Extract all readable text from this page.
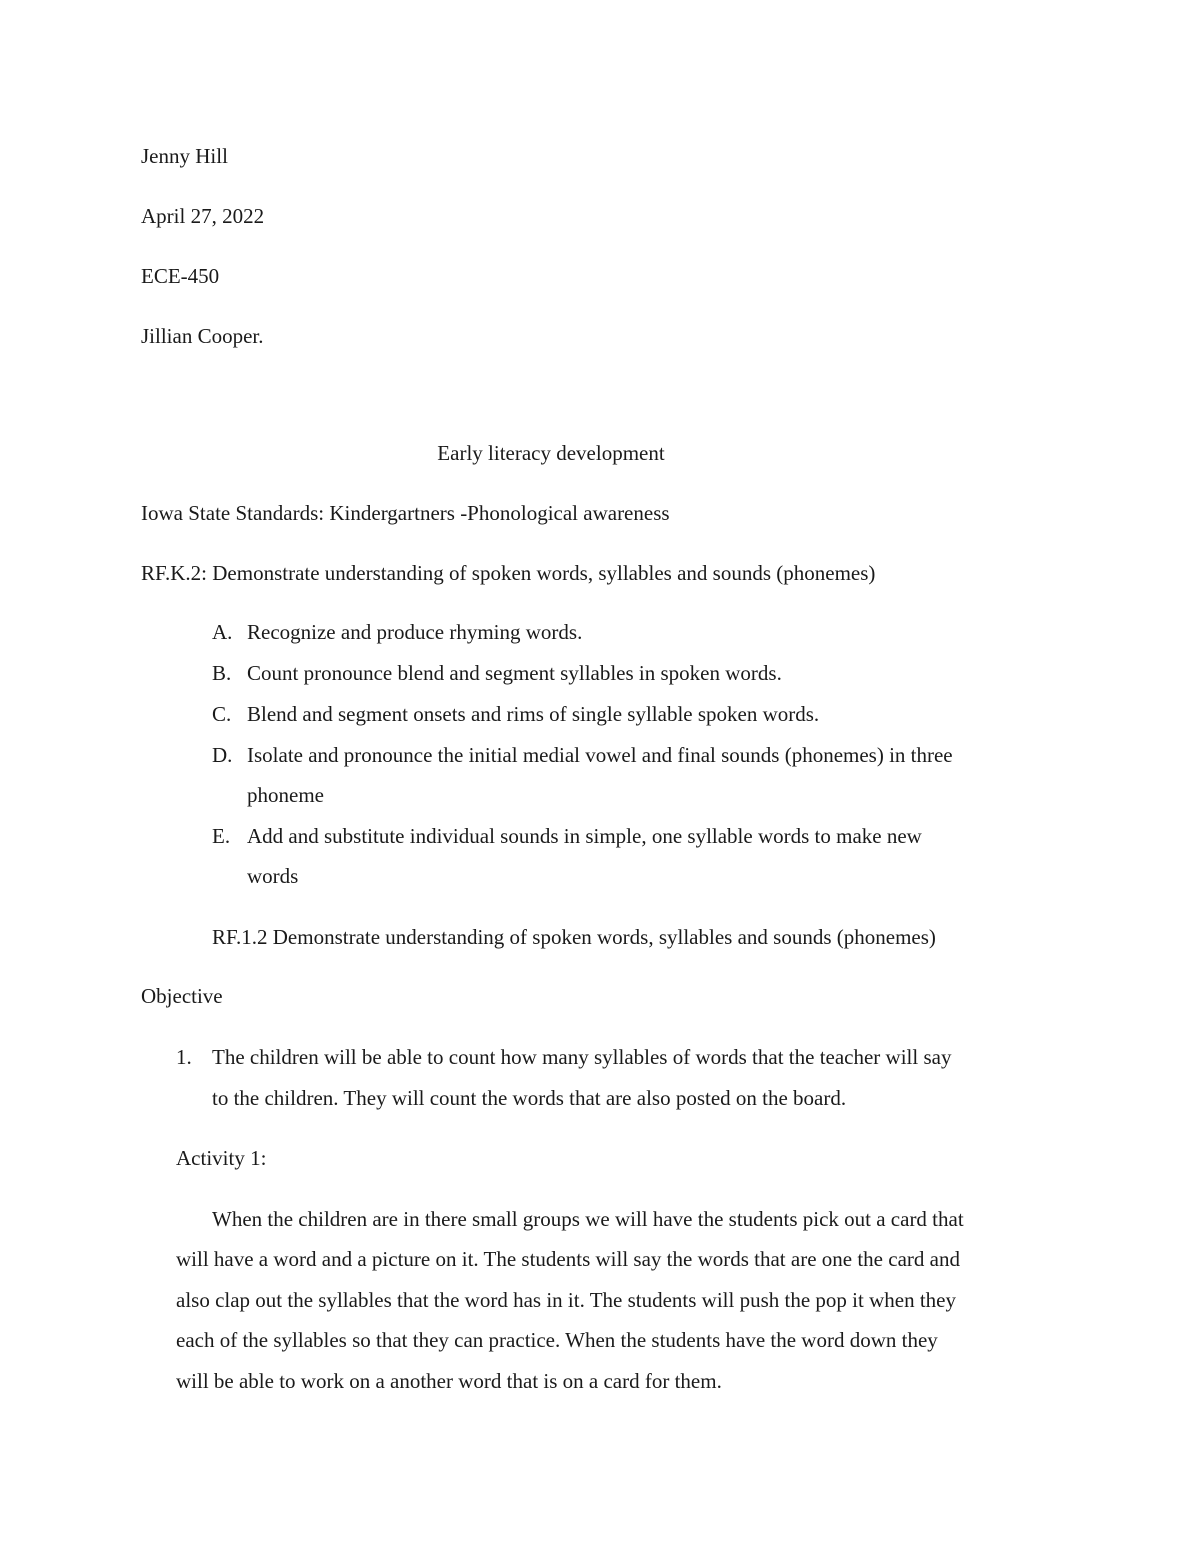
Jenny Hill
April 27, 2022
ECE-450
Jillian Cooper.
Early literacy development
Iowa State Standards: Kindergartners -Phonological awareness
RF.K.2: Demonstrate understanding of spoken words, syllables and sounds (phonemes)
A. Recognize and produce rhyming words.
B. Count pronounce blend and segment syllables in spoken words.
C. Blend and segment onsets and rims of single syllable spoken words.
D. Isolate and pronounce the initial medial vowel and final sounds (phonemes) in three
phoneme
E. Add and substitute individual sounds in simple, one syllable words to make new
words
RF.1.2 Demonstrate understanding of spoken words, syllables and sounds (phonemes)
Objective
1. The children will be able to count how many syllables of words that the teacher will say
to the children. They will count the words that are also posted on the board.
Activity 1:
When the children are in there small groups we will have the students pick out a card that
will have a word and a picture on it. The students will say the words that are one the card and
also clap out the syllables that the word has in it. The students will push the pop it when they
each of the syllables so that they can practice. When the students have the word down they
will be able to work on a another word that is on a card for them.
